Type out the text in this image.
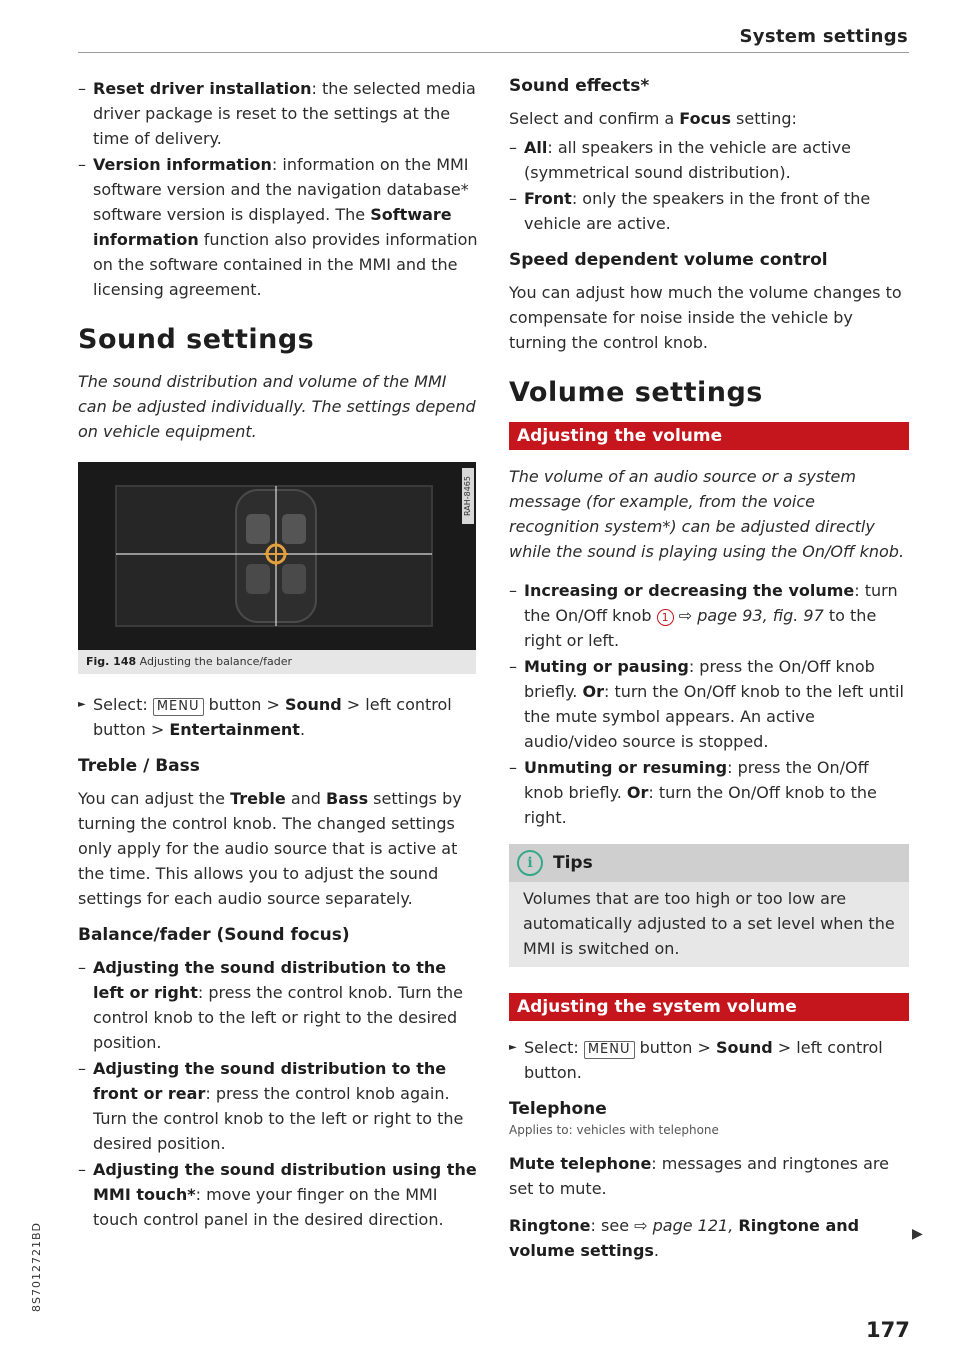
System settings

– Reset driver installation: the selected media driver package is reset to the settings at the time of delivery.

– Version information: information on the MMI software version and the navigation database* software version is displayed. The Software information function also provides information on the software contained in the MMI and the licensing agreement.

Sound settings

The sound distribution and volume of the MMI can be adjusted individually. The settings depend on vehicle equipment.

RAH-8465
Fig. 148 Adjusting the balance/fader

► Select: MENU button > Sound > left control button > Entertainment.

Treble / Bass

You can adjust the Treble and Bass settings by turning the control knob. The changed settings only apply for the audio source that is active at the time. This allows you to adjust the sound settings for each audio source separately.

Balance/fader (Sound focus)

– Adjusting the sound distribution to the left or right: press the control knob. Turn the control knob to the left or right to the desired position.

– Adjusting the sound distribution to the front or rear: press the control knob again. Turn the control knob to the left or right to the desired position.

– Adjusting the sound distribution using the MMI touch*: move your finger on the MMI touch control panel in the desired direction.

Sound effects*

Select and confirm a Focus setting:

– All: all speakers in the vehicle are active (symmetrical sound distribution).

– Front: only the speakers in the front of the vehicle are active.

Speed dependent volume control

You can adjust how much the volume changes to compensate for noise inside the vehicle by turning the control knob.

Volume settings
Adjusting the volume

The volume of an audio source or a system message (for example, from the voice recognition system*) can be adjusted directly while the sound is playing using the On/Off knob.

– Increasing or decreasing the volume: turn the On/Off knob 1 ⇨ page 93, fig. 97 to the right or left.

– Muting or pausing: press the On/Off knob briefly. Or: turn the On/Off knob to the left until the mute symbol appears. An active audio/video source is stopped.

– Unmuting or resuming: press the On/Off knob briefly. Or: turn the On/Off knob to the right.

i	Tips

Volumes that are too high or too low are automatically adjusted to a set level when the MMI is switched on.

Adjusting the system volume

► Select: MENU button > Sound > left control button.

Telephone
Applies to: vehicles with telephone

Mute telephone: messages and ringtones are set to mute.

Ringtone: see ⇨ page 121, Ringtone and volume settings.

▶
8S7012721BD
177
